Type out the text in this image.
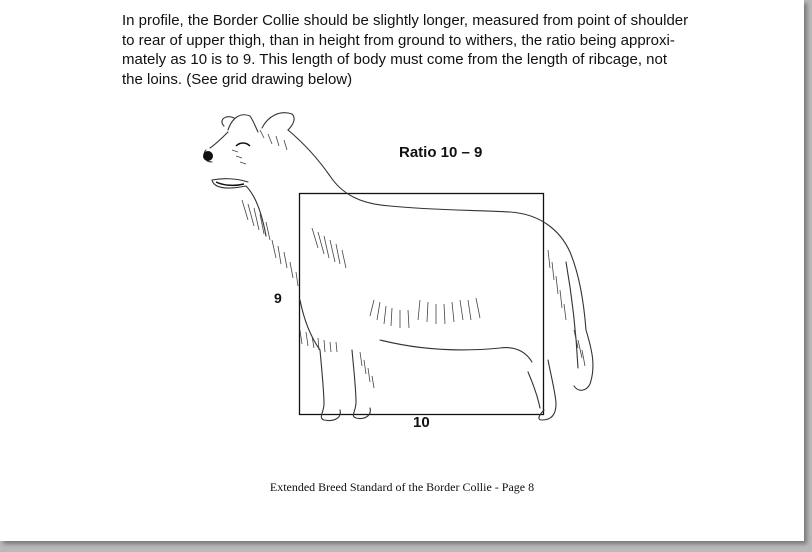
In profile, the Border Collie should be slightly longer, measured from point of shoulder
to rear of upper thigh, than in height from ground to withers, the ratio being approxi-
mately as 10 is to 9. This length of body must come from the length of ribcage, not
the loins. (See grid drawing below)
Ratio 10 – 9
9
10
Extended Breed Standard of the Border Collie - Page 8
